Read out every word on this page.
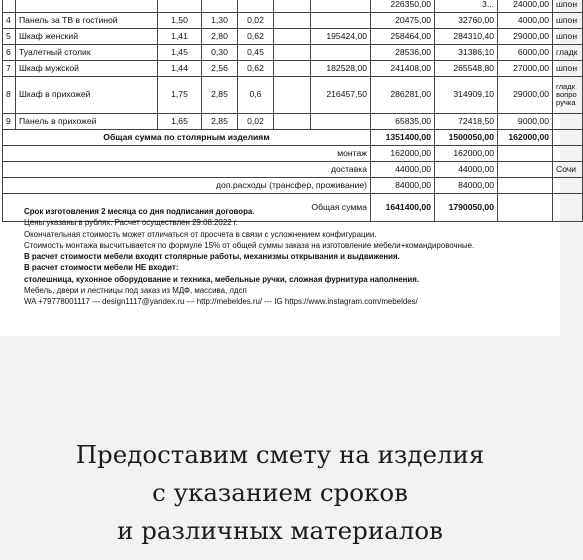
							226350,00	3...	24000,00	шпон
4	Панель за ТВ в гостиной	1,50	1,30	0,02			20475,00	32760,00	4000,00	шпон
5	Шкаф женский	1,41	2,80	0,62		195424,00	258464,00	284310,40	29000,00	шпон
6	Туалетный столик	1,45	0,30	0,45			28536,00	31386,10	6000,00	гладк
7	Шкаф мужской	1,44	2,56	0,62		182528,00	241408,00	265548,80	27000,00	шпон
8	Шкаф в прихожей	1,75	2,85	0,6		216457,50	286281,00	314909,10	29000,00	гладк вопро ручка
9	Панель в прихожей	1,65	2,85	0,02			65835,00	72418,50	9000,00	
Общая сумма по столярным изделиям							1351400,00	1500050,00	162000,00	
монтаж							162000,00	162000,00		
доставка							44000,00	44000,00		Сочи
доп.расходы (трансфер, проживание)							84000,00	84000,00		
Общая сумма							1641400,00	1790050,00		
Срок изготовления 2 месяца со дня подписания договора.
Цены указаны в рублях. Расчет осуществлен 29.08.2022 г.
Окончательная стоимость может отличаться от просчета в связи с усложнением конфигурации.
Стоимость монтажа высчитывается по формуле 15% от общей суммы заказа на изготовление мебели+командировочные.
В расчет стоимости мебели входят столярные работы, механизмы открывания и выдвижения.
В расчет стоимости мебели НЕ входит:
столешница, кухонное оборудование и техника, мебельные ручки, сложная фурнитура наполнения.
Мебель, двери и лестницы под заказ из МДФ, массива, лдсп
WA +79778001117 --- design1117@yandex.ru --- http://mebeldes.ru/ --- IG https://www.instagram.com/mebeldes/
Предоставим смету на изделия
с указанием сроков
и различных материалов
